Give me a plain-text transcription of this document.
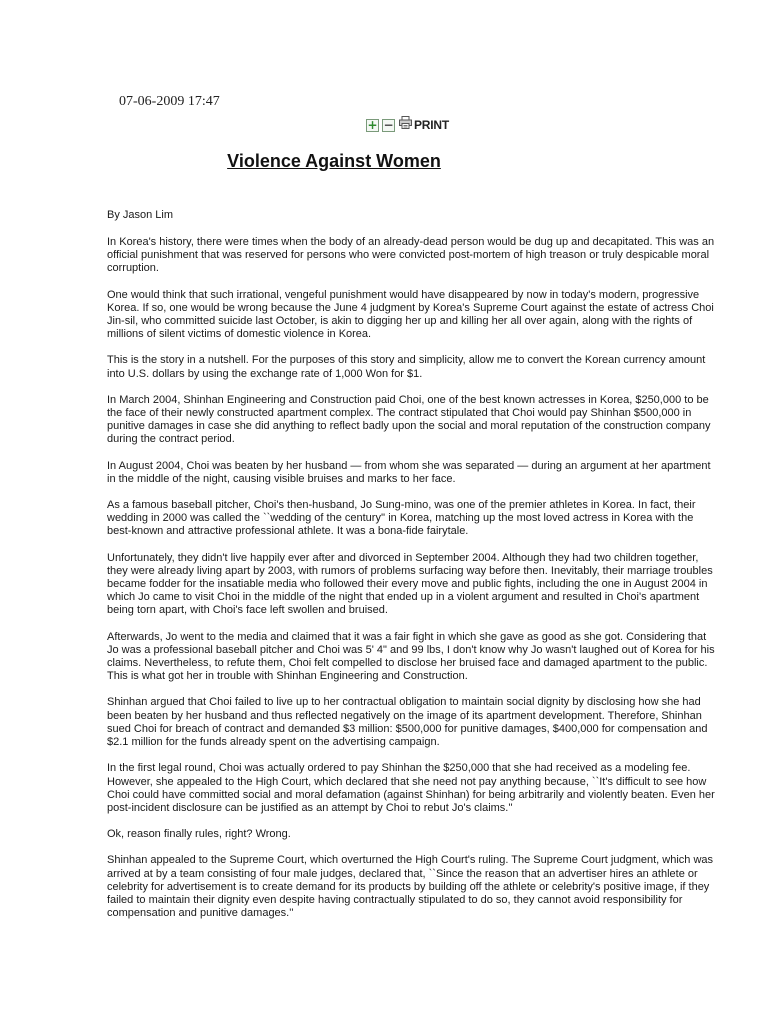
07-06-2009 17:47
+ − PRINT
Violence Against Women
By Jason Lim

In Korea's history, there were times when the body of an already-dead person would be dug up and decapitated. This was an official punishment that was reserved for persons who were convicted post-mortem of high treason or truly despicable moral corruption.

One would think that such irrational, vengeful punishment would have disappeared by now in today's modern, progressive Korea. If so, one would be wrong because the June 4 judgment by Korea's Supreme Court against the estate of actress Choi Jin-sil, who committed suicide last October, is akin to digging her up and killing her all over again, along with the rights of millions of silent victims of domestic violence in Korea.

This is the story in a nutshell. For the purposes of this story and simplicity, allow me to convert the Korean currency amount into U.S. dollars by using the exchange rate of 1,000 Won for $1.

In March 2004, Shinhan Engineering and Construction paid Choi, one of the best known actresses in Korea, $250,000 to be the face of their newly constructed apartment complex. The contract stipulated that Choi would pay Shinhan $500,000 in punitive damages in case she did anything to reflect badly upon the social and moral reputation of the construction company during the contract period.

In August 2004, Choi was beaten by her husband — from whom she was separated — during an argument at her apartment in the middle of the night, causing visible bruises and marks to her face.

As a famous baseball pitcher, Choi's then-husband, Jo Sung-mino, was one of the premier athletes in Korea. In fact, their wedding in 2000 was called the ``wedding of the century'' in Korea, matching up the most loved actress in Korea with the best-known and attractive professional athlete. It was a bona-fide fairytale.

Unfortunately, they didn't live happily ever after and divorced in September 2004. Although they had two children together, they were already living apart by 2003, with rumors of problems surfacing way before then. Inevitably, their marriage troubles became fodder for the insatiable media who followed their every move and public fights, including the one in August 2004 in which Jo came to visit Choi in the middle of the night that ended up in a violent argument and resulted in Choi's apartment being torn apart, with Choi's face left swollen and bruised.

Afterwards, Jo went to the media and claimed that it was a fair fight in which she gave as good as she got. Considering that Jo was a professional baseball pitcher and Choi was 5' 4" and 99 lbs, I don't know why Jo wasn't laughed out of Korea for his claims. Nevertheless, to refute them, Choi felt compelled to disclose her bruised face and damaged apartment to the public. This is what got her in trouble with Shinhan Engineering and Construction.

Shinhan argued that Choi failed to live up to her contractual obligation to maintain social dignity by disclosing how she had been beaten by her husband and thus reflected negatively on the image of its apartment development. Therefore, Shinhan sued Choi for breach of contract and demanded $3 million: $500,000 for punitive damages, $400,000 for compensation and $2.1 million for the funds already spent on the advertising campaign.

In the first legal round, Choi was actually ordered to pay Shinhan the $250,000 that she had received as a modeling fee. However, she appealed to the High Court, which declared that she need not pay anything because, ``It's difficult to see how Choi could have committed social and moral defamation (against Shinhan) for being arbitrarily and violently beaten. Even her post-incident disclosure can be justified as an attempt by Choi to rebut Jo's claims.''

Ok, reason finally rules, right? Wrong.

Shinhan appealed to the Supreme Court, which overturned the High Court's ruling. The Supreme Court judgment, which was arrived at by a team consisting of four male judges, declared that, ``Since the reason that an advertiser hires an athlete or celebrity for advertisement is to create demand for its products by building off the athlete or celebrity's positive image, if they failed to maintain their dignity even despite having contractually stipulated to do so, they cannot avoid responsibility for compensation and punitive damages.''
